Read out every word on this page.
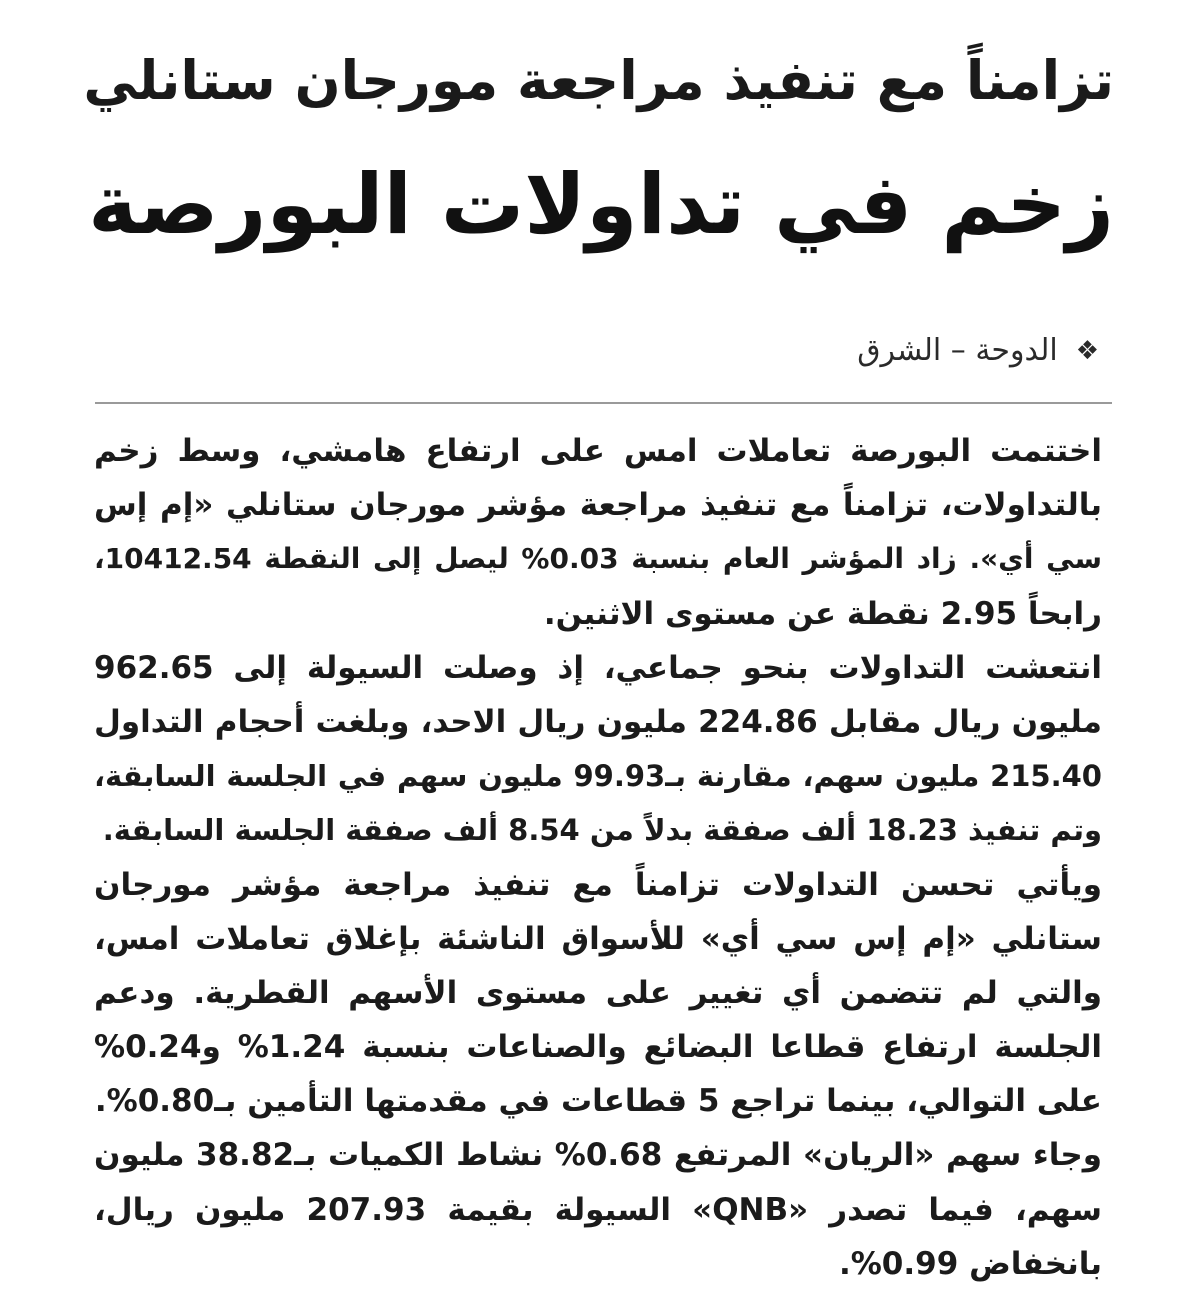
تزامناً مع تنفيذ مراجعة مورجان ستانلي
زخم في تداولات البورصة
❖
الدوحة – الشرق
اختتمت البورصة تعاملات امس على ارتفاع هامشي، وسط زخم
بالتداولات، تزامناً مع تنفيذ مراجعة مؤشر مورجان ستانلي «إم إس
سي أي». زاد المؤشر العام بنسبة 0.03% ليصل إلى النقطة 10412.54،
رابحاً 2.95 نقطة عن مستوى الاثنين.
انتعشت التداولات بنحو جماعي، إذ وصلت السيولة إلى 962.65
مليون ريال مقابل 224.86 مليون ريال الاحد، وبلغت أحجام التداول
215.40 مليون سهم، مقارنة بـ99.93 مليون سهم في الجلسة السابقة،
وتم تنفيذ 18.23 ألف صفقة بدلاً من 8.54 ألف صفقة الجلسة السابقة.
ويأتي تحسن التداولات تزامناً مع تنفيذ مراجعة مؤشر مورجان
ستانلي «إم إس سي أي» للأسواق الناشئة بإغلاق تعاملات امس،
والتي لم تتضمن أي تغيير على مستوى الأسهم القطرية. ودعم
الجلسة ارتفاع قطاعا البضائع والصناعات بنسبة 1.24% و0.24%
على التوالي، بينما تراجع 5 قطاعات في مقدمتها التأمين بـ0.80%.
وجاء سهم «الريان» المرتفع 0.68% نشاط الكميات بـ38.82 مليون
سهم، فيما تصدر «QNB» السيولة بقيمة 207.93 مليون ريال،
بانخفاض 0.99%.
